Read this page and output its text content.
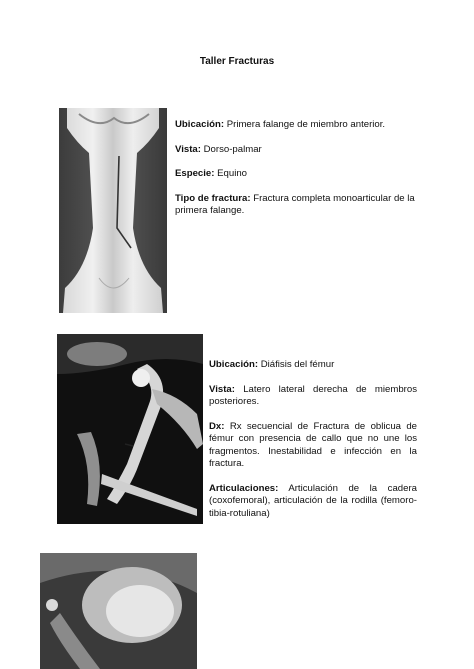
Taller Fracturas

Ubicación: Primera falange de miembro anterior.

Vista: Dorso-palmar

Especie: Equino

Tipo de fractura: Fractura completa monoarticular de la primera falange.

Ubicación: Diáfisis del fémur

Vista: Latero lateral derecha de miembros posteriores.

Dx: Rx secuencial de Fractura de oblicua de fémur con presencia de callo que no une los fragmentos. Inestabilidad e infección en la fractura.

Articulaciones: Articulación de la cadera (coxofemoral), articulación de la rodilla (femoro-tibia-rotuliana)
